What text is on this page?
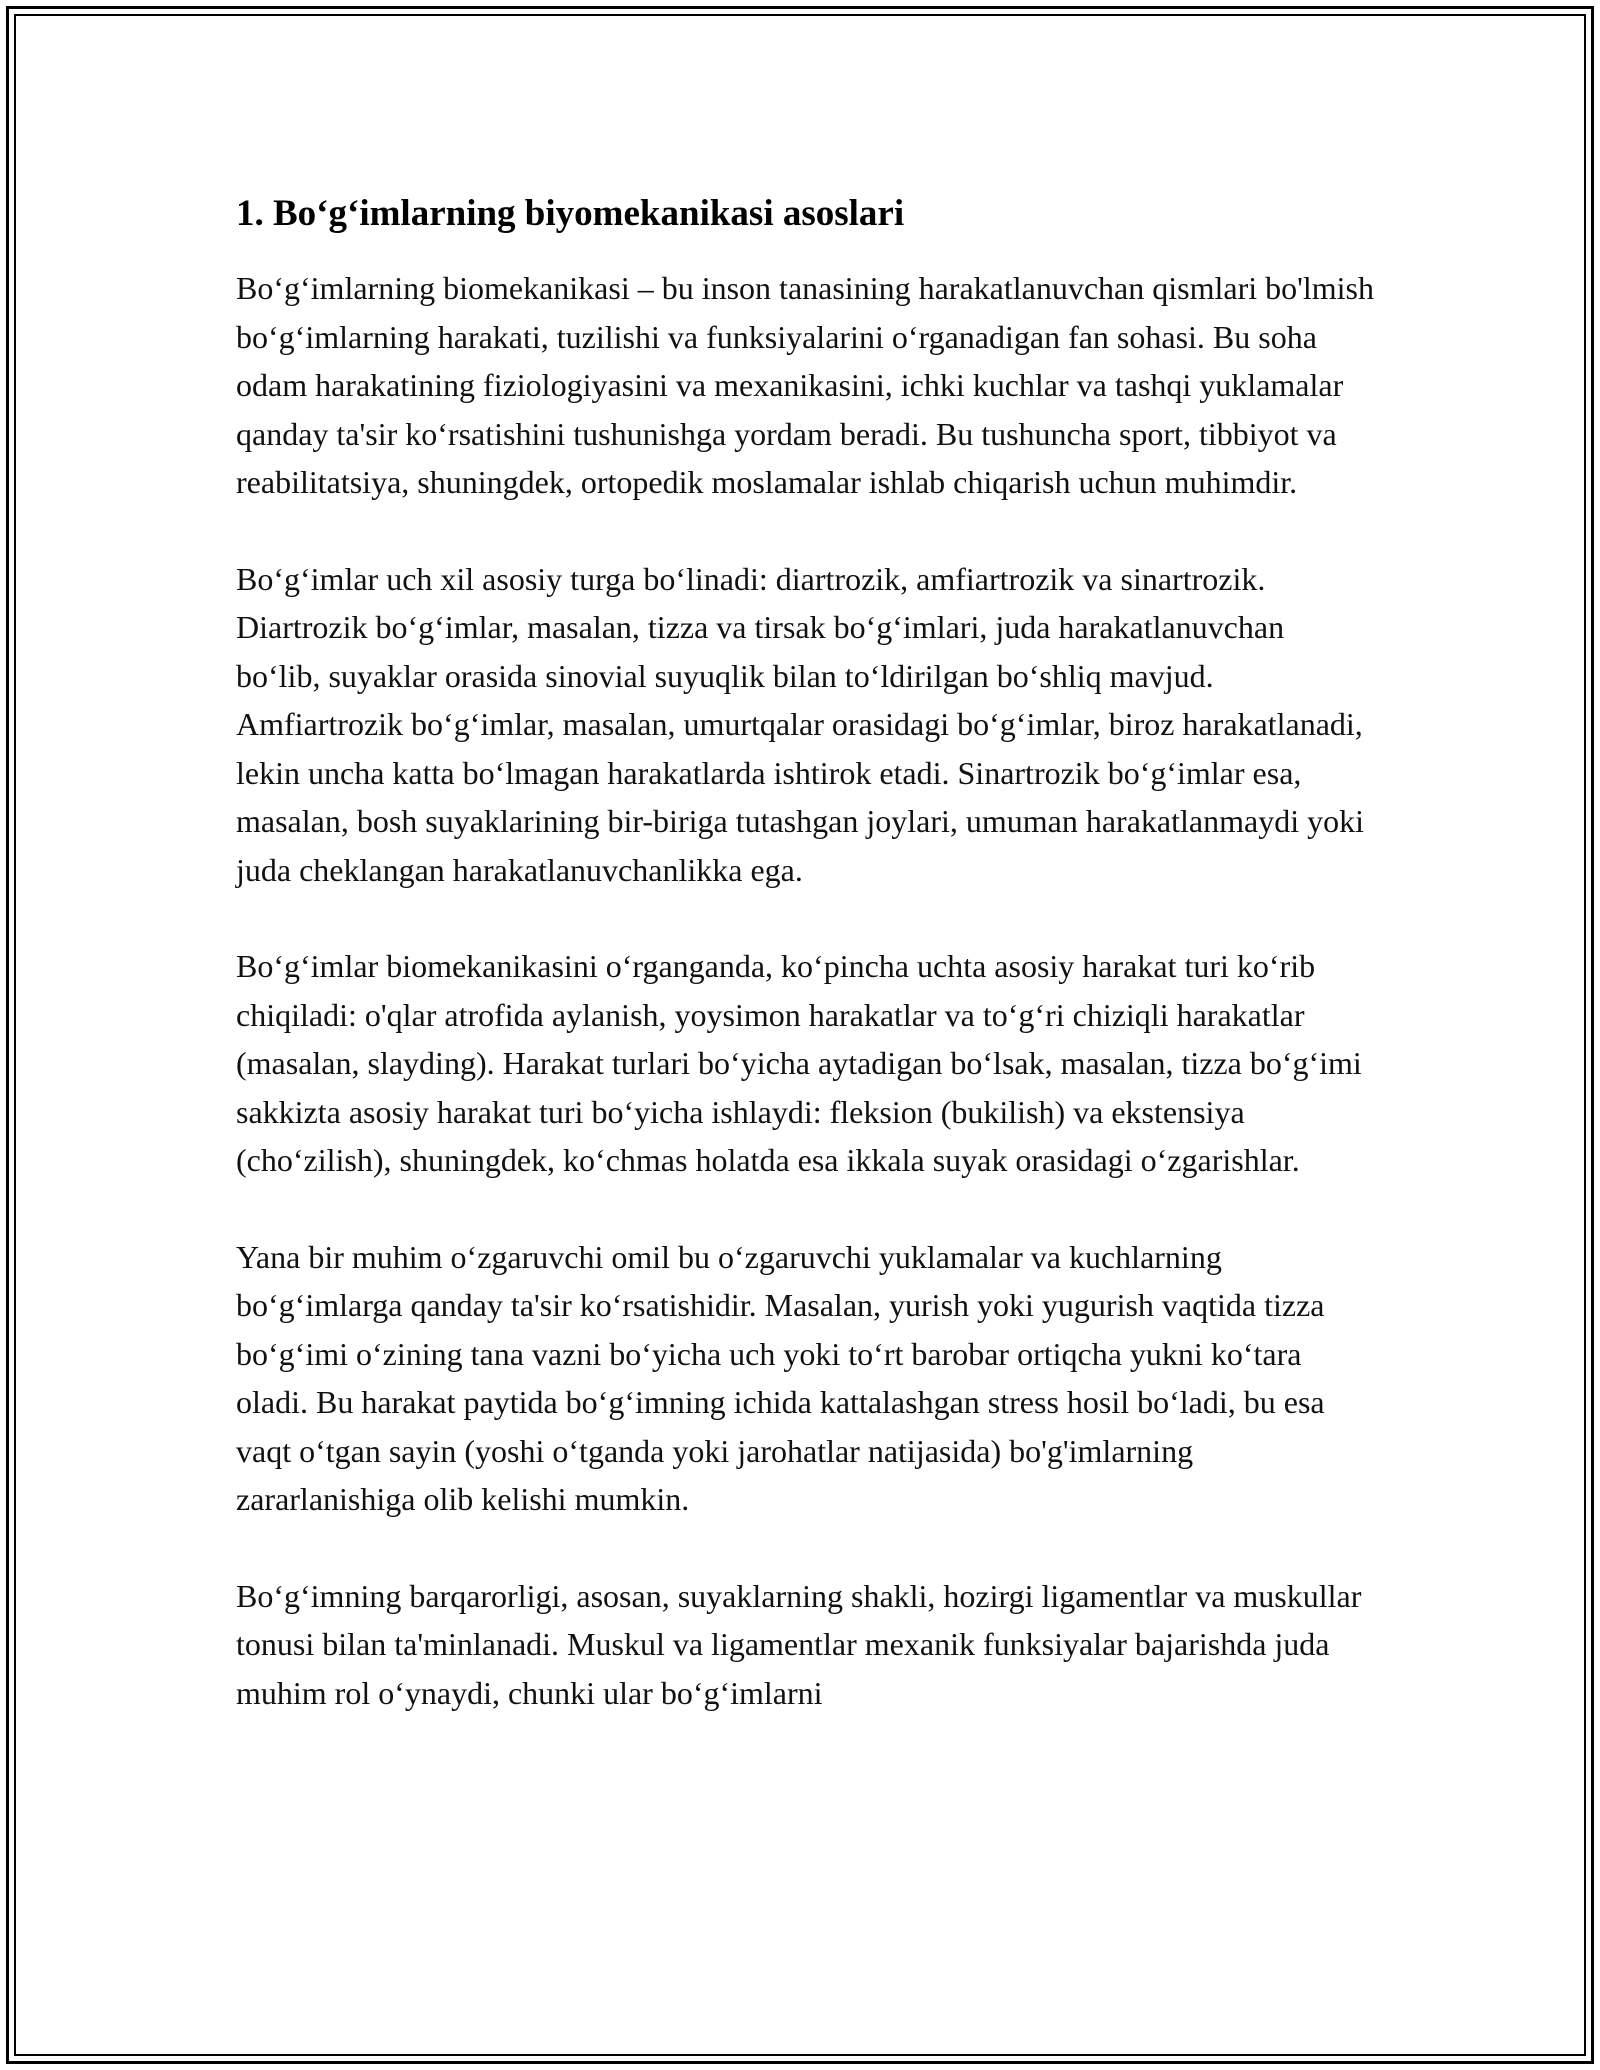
1. Bo‘g‘imlarning biyomekanikasi asoslari

Bo‘g‘imlarning biomekanikasi – bu inson tanasining harakatlanuvchan qismlari bo'lmish bo‘g‘imlarning harakati, tuzilishi va funksiyalarini o‘rganadigan fan sohasi. Bu soha odam harakatining fiziologiyasini va mexanikasini, ichki kuchlar va tashqi yuklamalar qanday ta'sir ko‘rsatishini tushunishga yordam beradi. Bu tushuncha sport, tibbiyot va reabilitatsiya, shuningdek, ortopedik moslamalar ishlab chiqarish uchun muhimdir.

Bo‘g‘imlar uch xil asosiy turga bo‘linadi: diartrozik, amfiartrozik va sinartrozik. Diartrozik bo‘g‘imlar, masalan, tizza va tirsak bo‘g‘imlari, juda harakatlanuvchan bo‘lib, suyaklar orasida sinovial suyuqlik bilan to‘ldirilgan bo‘shliq mavjud. Amfiartrozik bo‘g‘imlar, masalan, umurtqalar orasidagi bo‘g‘imlar, biroz harakatlanadi, lekin uncha katta bo‘lmagan harakatlarda ishtirok etadi. Sinartrozik bo‘g‘imlar esa, masalan, bosh suyaklarining bir-biriga tutashgan joylari, umuman harakatlanmaydi yoki juda cheklangan harakatlanuvchanlikka ega.

Bo‘g‘imlar biomekanikasini o‘rganganda, ko‘pincha uchta asosiy harakat turi ko‘rib chiqiladi: o'qlar atrofida aylanish, yoysimon harakatlar va to‘g‘ri chiziqli harakatlar (masalan, slayding). Harakat turlari bo‘yicha aytadigan bo‘lsak, masalan, tizza bo‘g‘imi sakkizta asosiy harakat turi bo‘yicha ishlaydi: fleksion (bukilish) va ekstensiya (cho‘zilish), shuningdek, ko‘chmas holatda esa ikkala suyak orasidagi o‘zgarishlar.

Yana bir muhim o‘zgaruvchi omil bu o‘zgaruvchi yuklamalar va kuchlarning bo‘g‘imlarga qanday ta'sir ko‘rsatishidir. Masalan, yurish yoki yugurish vaqtida tizza bo‘g‘imi o‘zining tana vazni bo‘yicha uch yoki to‘rt barobar ortiqcha yukni ko‘tara oladi. Bu harakat paytida bo‘g‘imning ichida kattalashgan stress hosil bo‘ladi, bu esa vaqt o‘tgan sayin (yoshi o‘tganda yoki jarohatlar natijasida) bo'g'imlarning zararlanishiga olib kelishi mumkin.

Bo‘g‘imning barqarorligi, asosan, suyaklarning shakli, hozirgi ligamentlar va muskullar tonusi bilan ta'minlanadi. Muskul va ligamentlar mexanik funksiyalar bajarishda juda muhim rol o‘ynaydi, chunki ular bo‘g‘imlarni
